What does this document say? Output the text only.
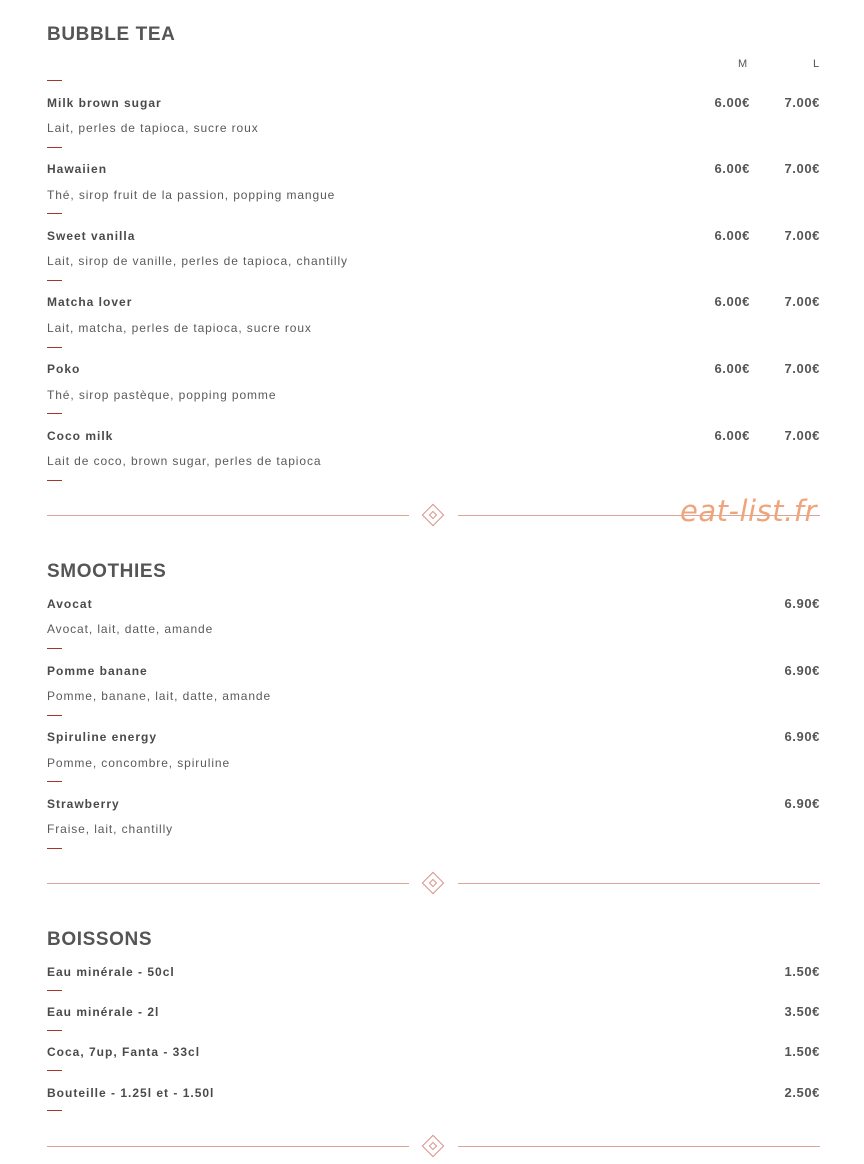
BUBBLE TEA
M	L
Milk brown sugar	6.00€	7.00€
Lait, perles de tapioca, sucre roux
Hawaiien	6.00€	7.00€
Thé, sirop fruit de la passion, popping mangue
Sweet vanilla	6.00€	7.00€
Lait, sirop de vanille, perles de tapioca, chantilly
Matcha lover	6.00€	7.00€
Lait, matcha, perles de tapioca, sucre roux
Poko	6.00€	7.00€
Thé, sirop pastèque, popping pomme
Coco milk	6.00€	7.00€
Lait de coco, brown sugar, perles de tapioca
eat-list.fr
SMOOTHIES
Avocat	6.90€
Avocat, lait, datte, amande
Pomme banane	6.90€
Pomme, banane, lait, datte, amande
Spiruline energy	6.90€
Pomme, concombre, spiruline
Strawberry	6.90€
Fraise, lait, chantilly
BOISSONS
Eau minérale - 50cl	1.50€
Eau minérale - 2l	3.50€
Coca, 7up, Fanta - 33cl	1.50€
Bouteille - 1.25l et - 1.50l	2.50€
